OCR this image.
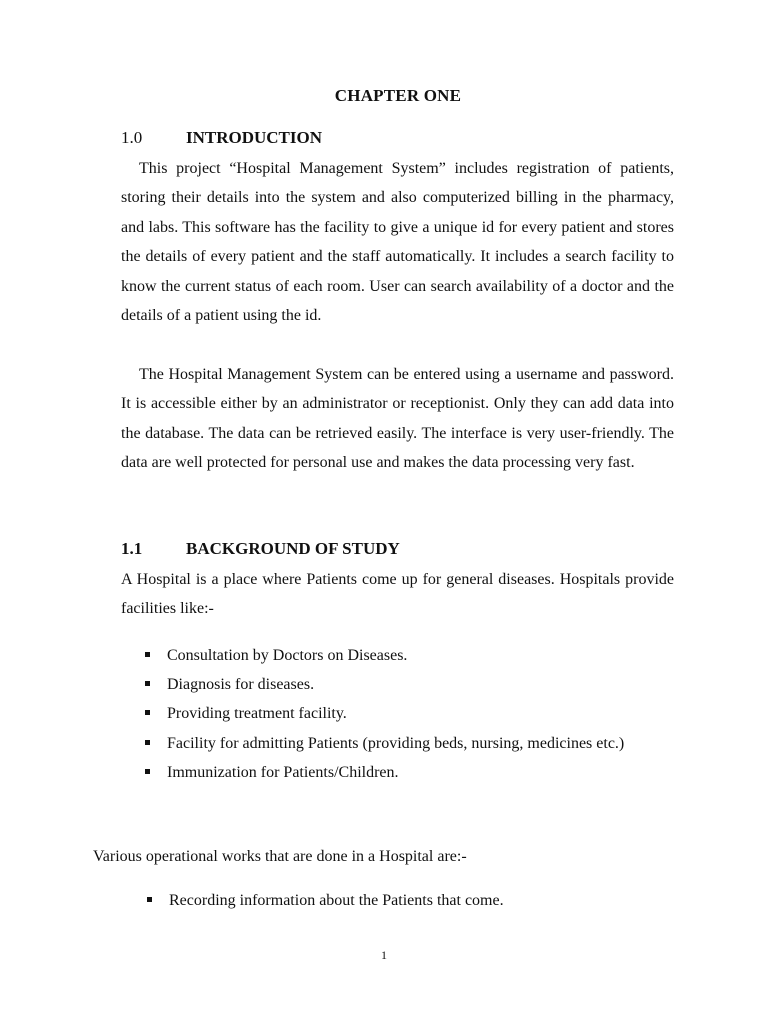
CHAPTER ONE
1.0	INTRODUCTION

This project “Hospital Management System” includes registration of patients, storing their details into the system and also computerized billing in the pharmacy, and labs. This software has the facility to give a unique id for every patient and stores the details of every patient and the staff automatically. It includes a search facility to know the current status of each room. User can search availability of a doctor and the details of a patient using the id.

The Hospital Management System can be entered using a username and password. It is accessible either by an administrator or receptionist. Only they can add data into the database. The data can be retrieved easily. The interface is very user-friendly. The data are well protected for personal use and makes the data processing very fast.

1.1	BACKGROUND OF STUDY

A Hospital is a place where Patients come up for general diseases. Hospitals provide facilities like:-

Consultation by Doctors on Diseases.
Diagnosis for diseases.
Providing treatment facility.
Facility for admitting Patients (providing beds, nursing, medicines etc.)
Immunization for Patients/Children.

Various operational works that are done in a Hospital are:-

Recording information about the Patients that come.
1
